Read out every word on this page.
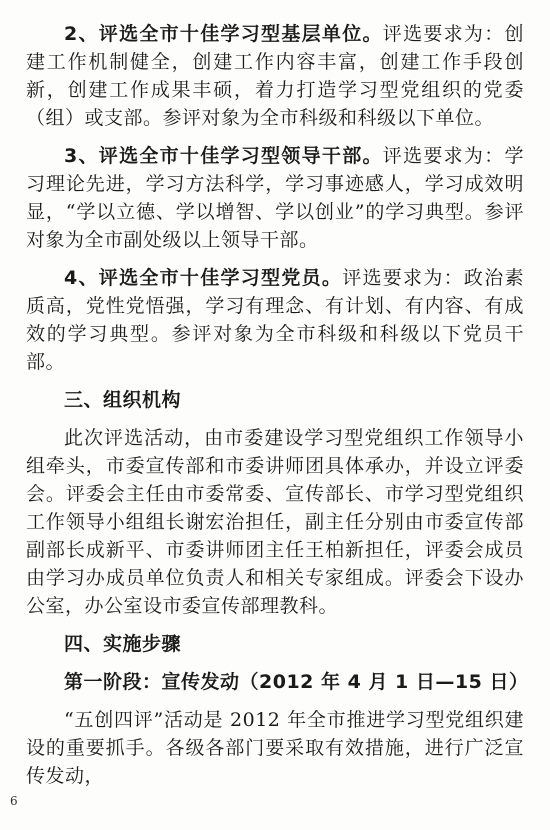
2、评选全市十佳学习型基层单位。评选要求为：创建工作机制健全，创建工作内容丰富，创建工作手段创新，创建工作成果丰硕，着力打造学习型党组织的党委（组）或支部。参评对象为全市科级和科级以下单位。

3、评选全市十佳学习型领导干部。评选要求为：学习理论先进，学习方法科学，学习事迹感人，学习成效明显，“学以立德、学以增智、学以创业”的学习典型。参评对象为全市副处级以上领导干部。

4、评选全市十佳学习型党员。评选要求为：政治素质高，党性党悟强，学习有理念、有计划、有内容、有成效的学习典型。参评对象为全市科级和科级以下党员干部。

三、组织机构

此次评选活动，由市委建设学习型党组织工作领导小组牵头，市委宣传部和市委讲师团具体承办，并设立评委会。评委会主任由市委常委、宣传部长、市学习型党组织工作领导小组组长谢宏治担任，副主任分别由市委宣传部副部长成新平、市委讲师团主任王柏新担任，评委会成员由学习办成员单位负责人和相关专家组成。评委会下设办公室，办公室设市委宣传部理教科。

四、实施步骤

第一阶段：宣传发动（2012 年 4 月 1 日—15 日）

“五创四评”活动是 2012 年全市推进学习型党组织建设的重要抓手。各级各部门要采取有效措施，进行广泛宣传发动，

6
